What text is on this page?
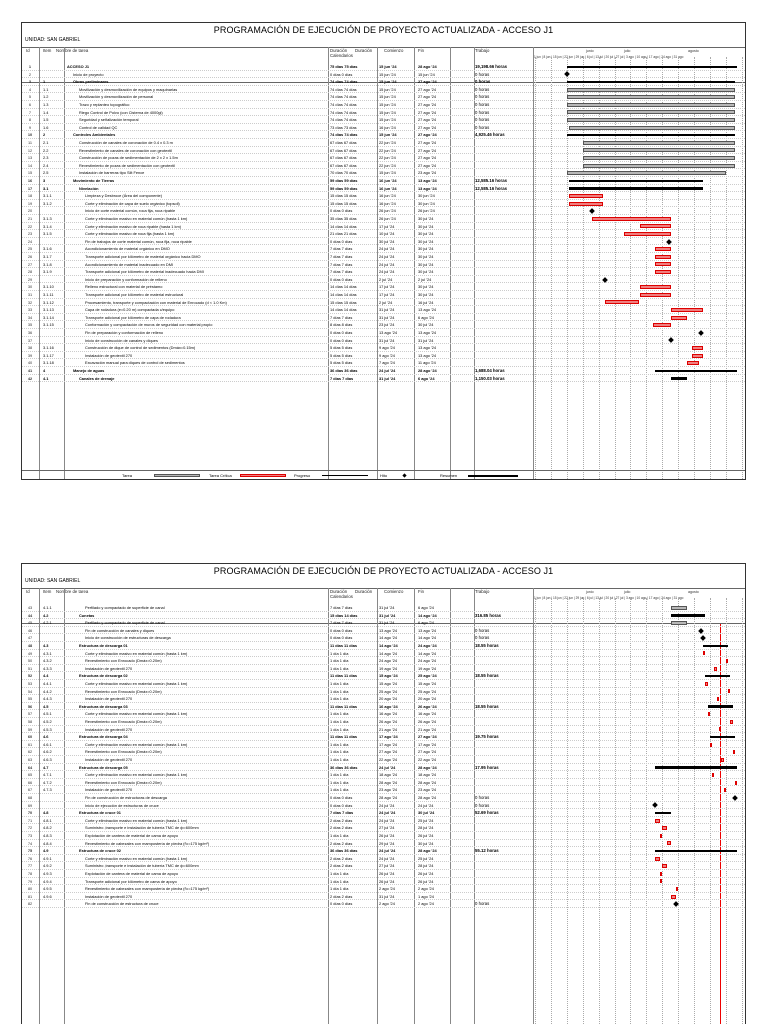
PROGRAMACIÓN DE EJECUCIÓN DE PROYECTO ACTUALIZADA - ACCESO J1
UNIDAD: SAN GABRIEL
Id	Item Nombre de tarea	Duración Calendarios
Duración	Comienzo	Fin	Trabajo	junio	julio	agosto
1 jun | 8 jun | 15 jun | 22 jun | 29 jun | 6 jul | 13 jul | 20 jul | 27 jul | 3 ago | 10 ago | 17 ago | 24 ago | 31 ago
1	ACCESO J1	75 días 75 días	15 jun '24	28 ago '24	19,198.66 horas
2	Inicio de proyecto	0 días 0 días	15 jun '24	15 jun '24	0 horas
3	1	Obras preliminares	74 días 74 días	15 jun '24	27 ago '24	0 horas
4	1.1	Movilización y desmovilización de equipos y maquinarias	74 días 74 días	15 jun '24	27 ago '24	0 horas
5	1.2	Movilización y desmovilización de personal	74 días 74 días	15 jun '24	27 ago '24	0 horas
6	1.3	Trazo y replanteo topográfico	74 días 74 días	15 jun '24	27 ago '24	0 horas
7	1.4	Riego Control de Polvo (con Cisterna de 4000gl)	74 días 74 días	15 jun '24	27 ago '24	0 horas
8	1.5	Seguridad y señalización temporal	74 días 74 días	15 jun '24	27 ago '24	0 horas
9	1.6	Control de calidad QC	73 días 73 días	16 jun '24	27 ago '24	0 horas
10	2	Controles Ambientales	74 días 74 días	15 jun '24	27 ago '24	4,925.46 horas
11	2.1	Construcción de canales de coronación de 0.4 x 0.3 m	67 días 67 días	22 jun '24	27 ago '24
12	2.2	Revestimiento de canales de coronación con geotextil	67 días 67 días	22 jun '24	27 ago '24
13	2.3	Construcción de pozas de sedimentación de 2 x 2 x 1.5m	67 días 67 días	22 jun '24	27 ago '24
14	2.4	Revestimiento de pozas de sedimentación con geotextil	67 días 67 días	22 jun '24	27 ago '24
15	2.5	Instalación de barreras tipo Silt Fence	70 días 70 días	15 jun '24	23 ago '24
16	3	Movimiento de Tierras	59 días 59 días	16 jun '24	13 ago '24	12,585.16 horas
17	3.1	Nivelación	59 días 59 días	16 jun '24	13 ago '24	12,585.16 horas
18	3.1.1	Limpieza y Desbroce (Área del componente)	15 días 15 días	16 jun '24	30 jun '24
19	3.1.2	Corte y eliminación de capa de suelo orgánico (topsoil)	15 días 15 días	16 jun '24	30 jun '24
20	Inicio de corte material común, roca fija, roca ripable	0 días 0 días	26 jun '24	26 jun '24
21	3.1.3	Corte y eliminación masivo en material común (hasta 1 km)	35 días 35 días	26 jun '24	30 jul '24
22	3.1.4	Corte y eliminación masivo de roca ripable (hasta 1 km)	14 días 14 días	17 jul '24	30 jul '24
23	3.1.5	Corte y eliminación masivo de roca fija (hasta 1 km)	21 días 21 días	10 jul '24	30 jul '24
24	Fin de trabajos de corte material común, roca fija, roca ripable	0 días 0 días	30 jul '24	30 jul '24
25	3.1.6	Acondicionamiento de material orgánico en DMO	7 días 7 días	24 jul '24	30 jul '24
26	3.1.7	Transporte adicional por kilómetro de material orgánico hacia DMO	7 días 7 días	24 jul '24	30 jul '24
27	3.1.8	Acondicionamiento de material inadecuado en DMI	7 días 7 días	24 jul '24	30 jul '24
28	3.1.9	Transporte adicional por kilómetro de material inadecuado hacia DMI	7 días 7 días	24 jul '24	30 jul '24
29	Inicio de preparación y conformación de relleno	0 días 0 días	2 jul '24	2 jul '24
30	3.1.10	Relleno estructural con material de préstamo	14 días 14 días	17 jul '24	30 jul '24
31	3.1.11	Transporte adicional por kilómetro de material estructural	14 días 14 días	17 jul '24	30 jul '24
32	3.1.12	Procesamiento, transporte y compactación con material de Enrocado (d < 1.0 Km)	15 días 15 días	2 jul '24	16 jul '24
33	3.1.13	Capa de rodadura (e=0.20 m) compactada c/equipo	14 días 14 días	31 jul '24	13 ago '24
34	3.1.14	Transporte adicional por kilómetro de capa de rodadura	7 días 7 días	31 jul '24	6 ago '24
35	3.1.15	Conformación y compactación de muros de seguridad con material propio	8 días 8 días	23 jul '24	30 jul '24
36	Fin de preparación y conformación de relleno	0 días 0 días	13 ago '24	13 ago '24
37	Inicio de construcción de canales y diques	0 días 0 días	31 jul '24	31 jul '24
38	3.1.16	Construcción de dique de control de sedimentos (Dmáx=0.15m)	5 días 5 días	9 ago '24	13 ago '24
39	3.1.17	Instalación de geotextil 270	5 días 5 días	9 ago '24	13 ago '24
40	3.1.18	Excavación manual para diques de control de sedimentos	5 días 5 días	7 ago '24	11 ago '24
41	4	Manejo de aguas	36 días 36 días	24 jul '24	28 ago '24	1,688.04 horas
42	4.1	Canales de drenaje	7 días 7 días	31 jul '24	6 ago '24	1,150.03 horas
Tarea	Tarea Crítica	Progreso	Hito	Resumen
PROGRAMACIÓN DE EJECUCIÓN DE PROYECTO ACTUALIZADA - ACCESO J1
UNIDAD: SAN GABRIEL
Id	Item Nombre de tarea	Duración Calendarios
Duración	Comienzo	Fin	Trabajo	junio	julio	agosto
1 jun | 8 jun | 15 jun | 22 jun | 29 jun | 6 jul | 13 jul | 20 jul | 27 jul | 3 ago | 10 ago | 17 ago | 24 ago | 31 ago
43	4.1.1	Perfilado y compactado de superficie de canal	7 días 7 días	31 jul '24	6 ago '24
44	4.2	Cunetas	15 días 14 días	31 jul '24	14 ago '24	316.85 horas
45	4.2.1	Perfilado y compactado de superficie de canal	7 días 7 días	31 jul '24	6 ago '24
46	Fin de construcción de canales y diques	0 días 0 días	13 ago '24	13 ago '24	0 horas
47	Inicio de construcción de estructuras de descarga	0 días 0 días	14 ago '24	14 ago '24	0 horas
48	4.3	Estructura de descarga 01	11 días 11 días	14 ago '24	24 ago '24	18.55 horas
49	4.3.1	Corte y eliminación masivo en material común (hasta 1 km)	1 día 1 día	14 ago '24	14 ago '24
50	4.3.2	Revestimiento con Enrocado (Dmáx=0.20m)	1 día 1 día	24 ago '24	24 ago '24
51	4.3.3	Instalación de geotextil 270	1 día 1 día	19 ago '24	19 ago '24
52	4.4	Estructura de descarga 02	11 días 11 días	15 ago '24	25 ago '24	18.55 horas
53	4.4.1	Corte y eliminación masivo en material común (hasta 1 km)	1 día 1 día	15 ago '24	15 ago '24
54	4.4.2	Revestimiento con Enrocado (Dmáx=0.20m)	1 día 1 día	25 ago '24	25 ago '24
55	4.4.3	Instalación de geotextil 270	1 día 1 día	20 ago '24	20 ago '24
56	4.5	Estructura de descarga 03	11 días 11 días	16 ago '24	26 ago '24	18.55 horas
57	4.5.1	Corte y eliminación masivo en material común (hasta 1 km)	1 día 1 día	16 ago '24	16 ago '24
58	4.5.2	Revestimiento con Enrocado (Dmáx=0.20m)	1 día 1 día	26 ago '24	26 ago '24
59	4.5.3	Instalación de geotextil 270	1 día 1 día	21 ago '24	21 ago '24
60	4.6	Estructura de descarga 04	11 días 11 días	17 ago '24	27 ago '24	19.75 horas
61	4.6.1	Corte y eliminación masivo en material común (hasta 1 km)	1 día 1 día	17 ago '24	17 ago '24
62	4.6.2	Revestimiento con Enrocado (Dmáx=0.20m)	1 día 1 día	27 ago '24	27 ago '24
63	4.6.3	Instalación de geotextil 270	1 día 1 día	22 ago '24	22 ago '24
64	4.7	Estructura de descarga 05	36 días 36 días	24 jul '24	28 ago '24	17.95 horas
65	4.7.1	Corte y eliminación masivo en material común (hasta 1 km)	1 día 1 día	18 ago '24	18 ago '24
66	4.7.2	Revestimiento con Enrocado (Dmáx=0.20m)	1 día 1 día	28 ago '24	28 ago '24
67	4.7.3	Instalación de geotextil 270	1 día 1 día	23 ago '24	23 ago '24
68	Fin de construcción de estructuras de descarga	0 días 0 días	28 ago '24	28 ago '24	0 horas
69	Inicio de ejecución de estructuras de cruce	0 días 0 días	24 jul '24	24 jul '24	0 horas
70	4.8	Estructura de cruce 01	7 días 7 días	24 jul '24	30 jul '24	52.69 horas
71	4.8.1	Corte y eliminación masivo en material común (hasta 1 km)	2 días 2 días	24 jul '24	25 jul '24
72	4.8.2	Suministro ,transporte e instalación de tubería TMC de ф=600mm	2 días 2 días	27 jul '24	28 jul '24
73	4.8.3	Explotación de cantera de material de cama de apoyo	1 día 1 día	26 jul '24	26 jul '24
74	4.8.4	Revestimiento de cabezales con mampostería de piedra (f'c=175 kg/m²)	2 días 2 días	29 jul '24	30 jul '24
75	4.9	Estructura de cruce 02	36 días 36 días	24 jul '24	28 ago '24	55.12 horas
76	4.9.1	Corte y eliminación masivo en material común (hasta 1 km)	2 días 2 días	24 jul '24	25 jul '24
77	4.9.2	Suministro ,transporte e instalación de tubería TMC de ф=600mm	2 días 2 días	27 jul '24	28 jul '24
78	4.9.3	Explotación de cantera de material de cama de apoyo	1 día 1 día	26 jul '24	26 jul '24
79	4.9.4	Transporte adicional por kilómetro de cama de apoyo	1 día 1 día	26 jul '24	26 jul '24
80	4.9.5	Revestimiento de cabezales con mampostería de piedra (f'c=175 kg/m²)	1 día 1 día	2 ago '24	2 ago '24
81	4.9.6	Instalación de geotextil 270	2 días 2 días	31 jul '24	1 ago '24
82	Fin de construcción de estructura de cruce	0 días 0 días	2 ago '24	2 ago '24	0 horas
